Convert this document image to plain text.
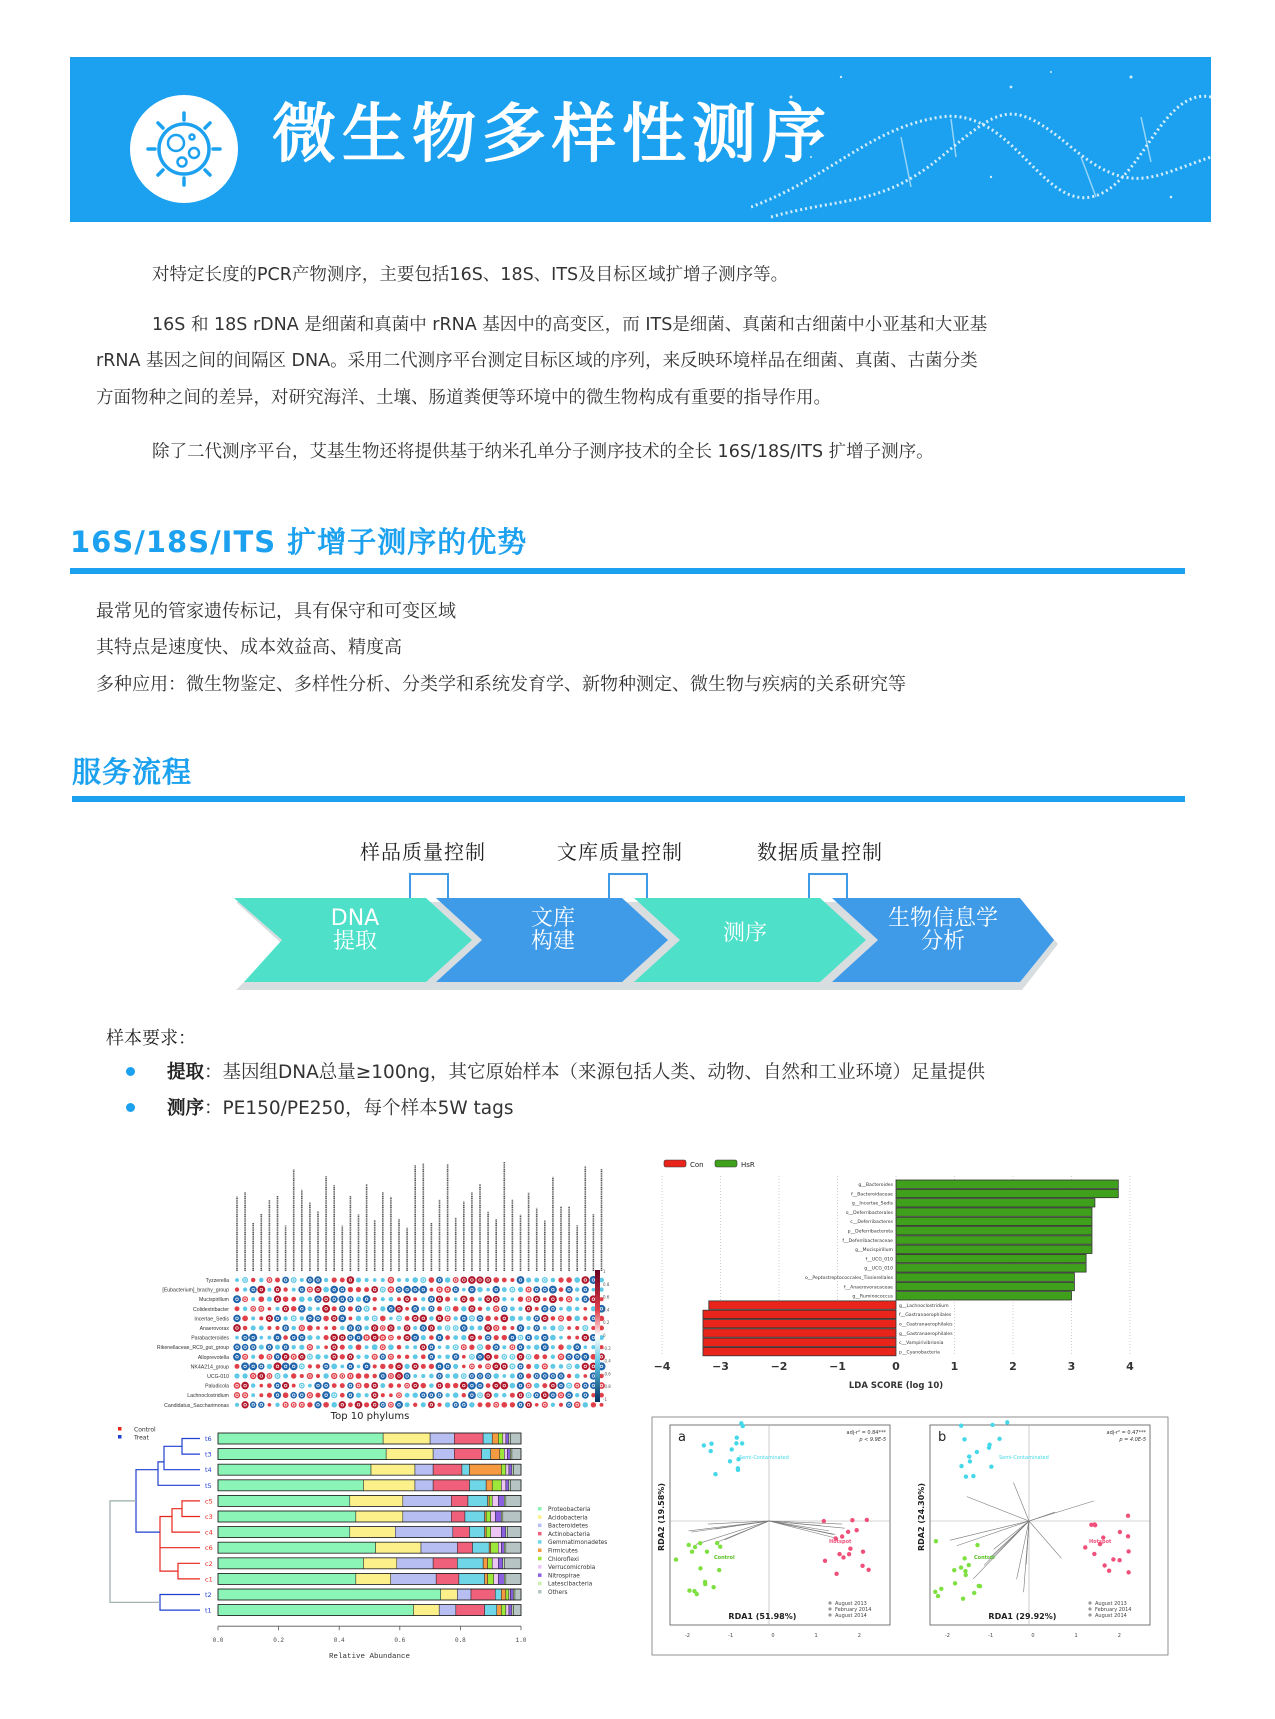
微生物多样性测序
对特定长度的PCR产物测序，主要包括16S、18S、ITS及目标区域扩增子测序等。
16S 和 18S rDNA 是细菌和真菌中 rRNA 基因中的高变区，而 ITS是细菌、真菌和古细菌中小亚基和大亚基
rRNA 基因之间的间隔区 DNA。采用二代测序平台测定目标区域的序列，来反映环境样品在细菌、真菌、古菌分类
方面物种之间的差异，对研究海洋、土壤、肠道粪便等环境中的微生物构成有重要的指导作用。
除了二代测序平台，艾基生物还将提供基于纳米孔单分子测序技术的全长 16S/18S/ITS 扩增子测序。
16S/18S/ITS 扩增子测序的优势
最常见的管家遗传标记，具有保守和可变区域
其特点是速度快、成本效益高、精度高
多种应用：微生物鉴定、多样性分析、分类学和系统发育学、新物种测定、微生物与疾病的关系研究等
服务流程
样品质量控制	文库质量控制	数据质量控制
DNA
提取
文库
构建	测序
生物信息学
分析
样本要求：
提取 ： 基因组DNA总量≥100ng，其它原始样本（来源包括人类、动物、自然和工业环境）足量提供
测序 ： PE150/PE250，每个样本5W tags
Tyzzerella
[Eubacterium]_brachy_group
Mucispirillum
Colidextribacter
Incertae_Sedis
Anaerovorax
Parabacteroides
Rikenellaceae_RC9_gut_group
Alloprevotella
NK4A214_group
UCG-010
Paludicola
Lachnoclostridium
Candidatus_Saccharimonas
1
0.8
0.6
0.4
0.2
0
-0.2
-0.4
-0.6
-0.8
-1
Con	HsR
−4	−3	−2	−1	0	1	2	3	4
g__Bacteroides
f__Bacteroidaceae
g__Incertae_Sedis
o__Deferribacterales
c__Deferribacteres
p__Deferribacterota
f__Deferribacteraceae
g__Mucispirillum
f__UCG_010
g__UCG_010
o__Peptostreptococcales_Tissierellales
f__Anaerovoracaceae
g__Ruminococcus
g__Lachnoclostridium
f__Gastranaerophilales
o__Gastranaerophilales
g__Gastranaerophilales
c__Vampirivibrionia
p__Cyanobacteria
LDA SCORE (log 10)
Top 10 phylums
Control
Treat	t6
t3
t4
t5
c5
c3
c4
c6
c2
c1
t2
t1
0.0	0.2	0.4	0.6	0.8	1.0
Relative Abundance
Proteobacteria
Acidobacteria
Bacteroidetes
Actinobacteria
Gemmatimonadetes
Firmicutes
Chloroflexi
Verrucomicrobia
Nitrospirae
Latescibacteria
Others
a	adj-r² = 0.84***
p < 9.9E-5
RDA1 (51.98%)
RDA2 (19.58%)
Semi-Contaminated
Control
Hotspot
August 2013
February 2014
August 2014
-2	-1	0	1	2
b	adj-r² = 0.47***
p = 4.0E-5
RDA1 (29.92%)
RDA2 (24.30%)
Semi-Contaminated
Control
Hotspot
August 2013
February 2014
August 2014
-2	-1	0	1	2
